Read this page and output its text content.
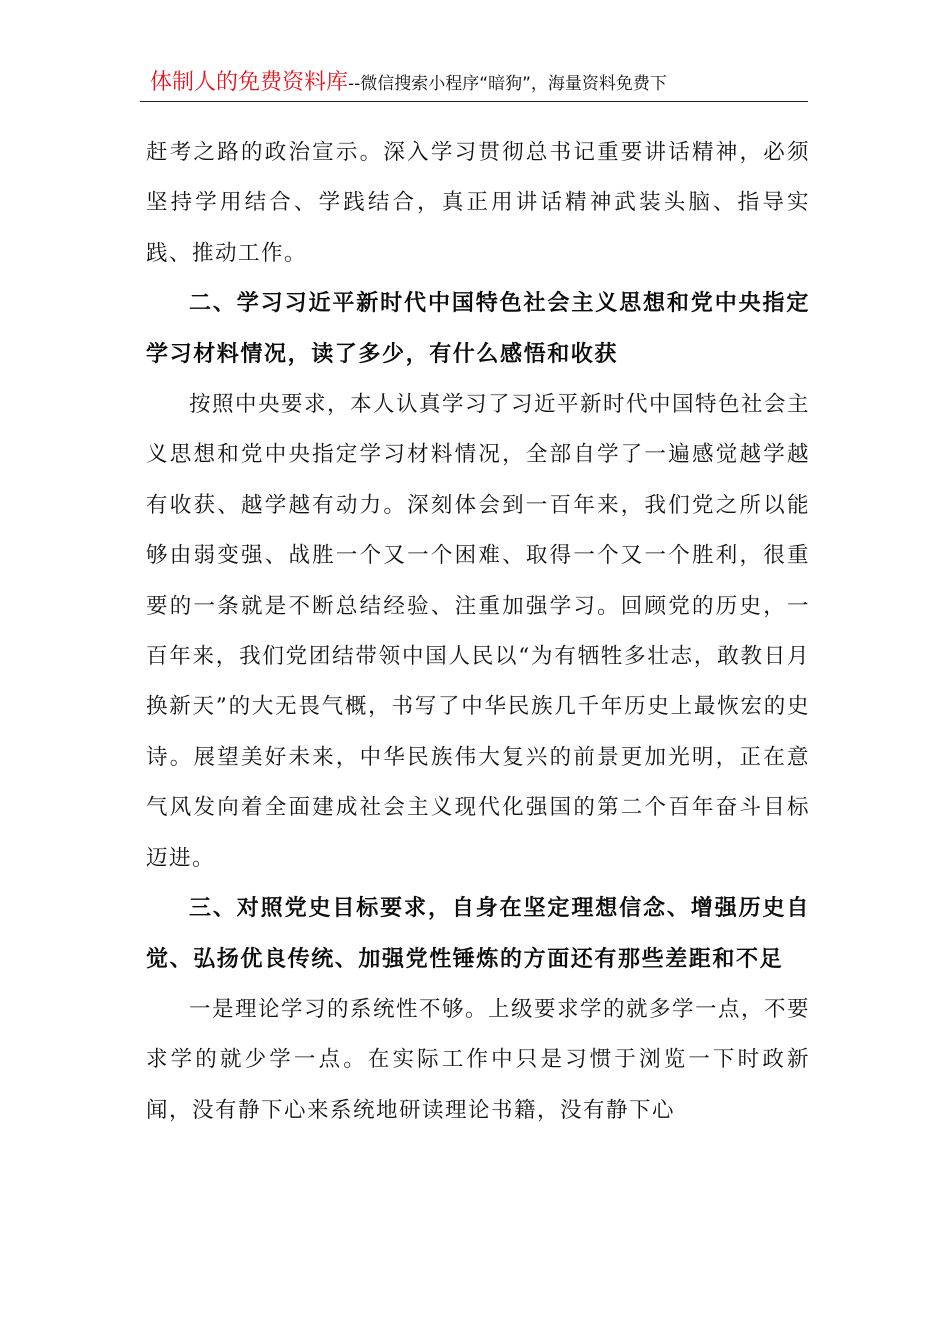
体制人的免费资料库--微信搜索小程序“暗狗”，海量资料免费下

赶考之路的政治宣示。深入学习贯彻总书记重要讲话精神，必须坚持学用结合、学践结合，真正用讲话精神武装头脑、指导实践、推动工作。

二、学习习近平新时代中国特色社会主义思想和党中央指定学习材料情况，读了多少，有什么感悟和收获

按照中央要求，本人认真学习了习近平新时代中国特色社会主义思想和党中央指定学习材料情况，全部自学了一遍感觉越学越有收获、越学越有动力。深刻体会到一百年来，我们党之所以能够由弱变强、战胜一个又一个困难、取得一个又一个胜利，很重要的一条就是不断总结经验、注重加强学习。回顾党的历史，一百年来，我们党团结带领中国人民以“为有牺牲多壮志，敢教日月换新天”的大无畏气概，书写了中华民族几千年历史上最恢宏的史诗。展望美好未来，中华民族伟大复兴的前景更加光明，正在意气风发向着全面建成社会主义现代化强国的第二个百年奋斗目标迈进。

三、对照党史目标要求，自身在坚定理想信念、增强历史自觉、弘扬优良传统、加强党性锤炼的方面还有那些差距和不足

一是理论学习的系统性不够。上级要求学的就多学一点，不要求学的就少学一点。在实际工作中只是习惯于浏览一下时政新闻，没有静下心来系统地研读理论书籍，没有静下心
